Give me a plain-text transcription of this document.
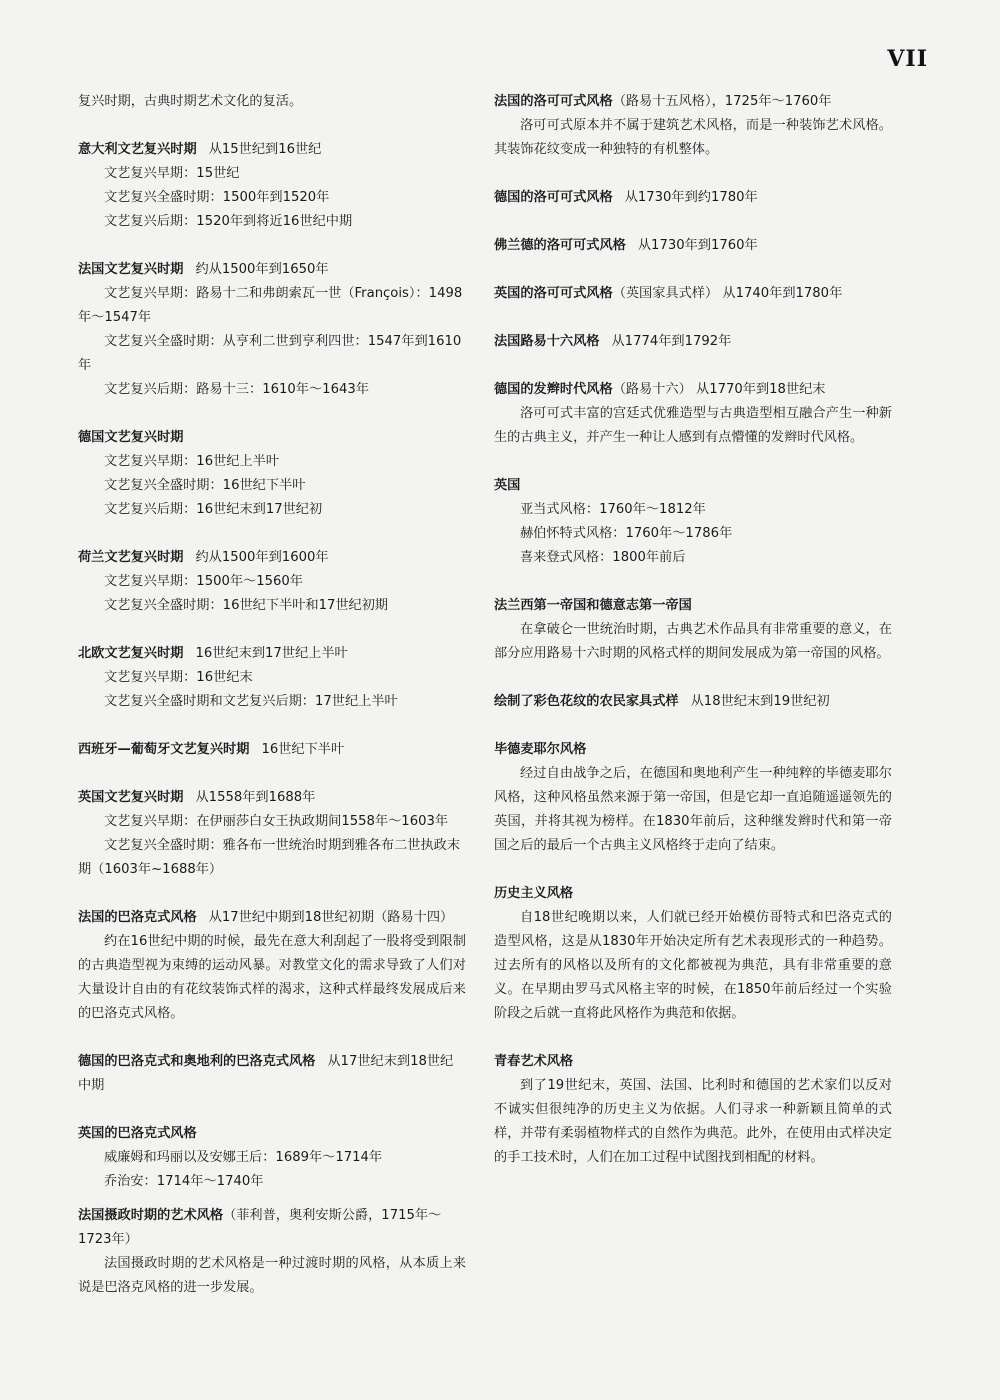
VII

复兴时期，古典时期艺术文化的复活。

意大利文艺复兴时期 从15世纪到16世纪

文艺复兴早期：15世纪

文艺复兴全盛时期：1500年到1520年

文艺复兴后期：1520年到将近16世纪中期

法国文艺复兴时期 约从1500年到1650年

文艺复兴早期：路易十二和弗朗索瓦一世（François）：1498年～1547年

文艺复兴全盛时期：从亨利二世到亨利四世：1547年到1610年

文艺复兴后期：路易十三：1610年～1643年

德国文艺复兴时期

文艺复兴早期：16世纪上半叶

文艺复兴全盛时期：16世纪下半叶

文艺复兴后期：16世纪末到17世纪初

荷兰文艺复兴时期 约从1500年到1600年

文艺复兴早期：1500年～1560年

文艺复兴全盛时期：16世纪下半叶和17世纪初期

北欧文艺复兴时期 16世纪末到17世纪上半叶

文艺复兴早期：16世纪末

文艺复兴全盛时期和文艺复兴后期：17世纪上半叶

西班牙—葡萄牙文艺复兴时期 16世纪下半叶

英国文艺复兴时期 从1558年到1688年

文艺复兴早期：在伊丽莎白女王执政期间1558年～1603年

文艺复兴全盛时期：雅各布一世统治时期到雅各布二世执政末期（1603年~1688年）

法国的巴洛克式风格 从17世纪中期到18世纪初期（路易十四）

约在16世纪中期的时候，最先在意大利刮起了一股将受到限制的古典造型视为束缚的运动风暴。对教堂文化的需求导致了人们对大量设计自由的有花纹装饰式样的渴求，这种式样最终发展成后来的巴洛克式风格。

德国的巴洛克式和奥地利的巴洛克式风格 从17世纪末到18世纪中期

英国的巴洛克式风格

威廉姆和玛丽以及安娜王后：1689年～1714年

乔治安：1714年～1740年

法国摄政时期的艺术风格（菲利普，奥利安斯公爵，1715年～1723年）

法国摄政时期的艺术风格是一种过渡时期的风格，从本质上来说是巴洛克风格的进一步发展。

法国的洛可可式风格（路易十五风格），1725年～1760年

洛可可式原本并不属于建筑艺术风格，而是一种装饰艺术风格。其装饰花纹变成一种独特的有机整体。

德国的洛可可式风格 从1730年到约1780年

佛兰德的洛可可式风格 从1730年到1760年

英国的洛可可式风格（英国家具式样） 从1740年到1780年

法国路易十六风格 从1774年到1792年

德国的发辫时代风格（路易十六） 从1770年到18世纪末

洛可可式丰富的宫廷式优雅造型与古典造型相互融合产生一种新生的古典主义，并产生一种让人感到有点懵懂的发辫时代风格。

英国

亚当式风格：1760年～1812年

赫伯怀特式风格：1760年～1786年

喜来登式风格：1800年前后

法兰西第一帝国和德意志第一帝国

在拿破仑一世统治时期，古典艺术作品具有非常重要的意义，在部分应用路易十六时期的风格式样的期间发展成为第一帝国的风格。

绘制了彩色花纹的农民家具式样 从18世纪末到19世纪初

毕德麦耶尔风格

经过自由战争之后，在德国和奥地利产生一种纯粹的毕德麦耶尔风格，这种风格虽然来源于第一帝国，但是它却一直追随遥遥领先的英国，并将其视为榜样。在1830年前后，这种继发辫时代和第一帝国之后的最后一个古典主义风格终于走向了结束。

历史主义风格

自18世纪晚期以来，人们就已经开始模仿哥特式和巴洛克式的造型风格，这是从1830年开始决定所有艺术表现形式的一种趋势。过去所有的风格以及所有的文化都被视为典范，具有非常重要的意义。在早期由罗马式风格主宰的时候，在1850年前后经过一个实验阶段之后就一直将此风格作为典范和依据。

青春艺术风格

到了19世纪末，英国、法国、比利时和德国的艺术家们以反对不诚实但很纯净的历史主义为依据。人们寻求一种新颖且简单的式样，并带有柔弱植物样式的自然作为典范。此外，在使用由式样决定的手工技术时，人们在加工过程中试图找到相配的材料。
